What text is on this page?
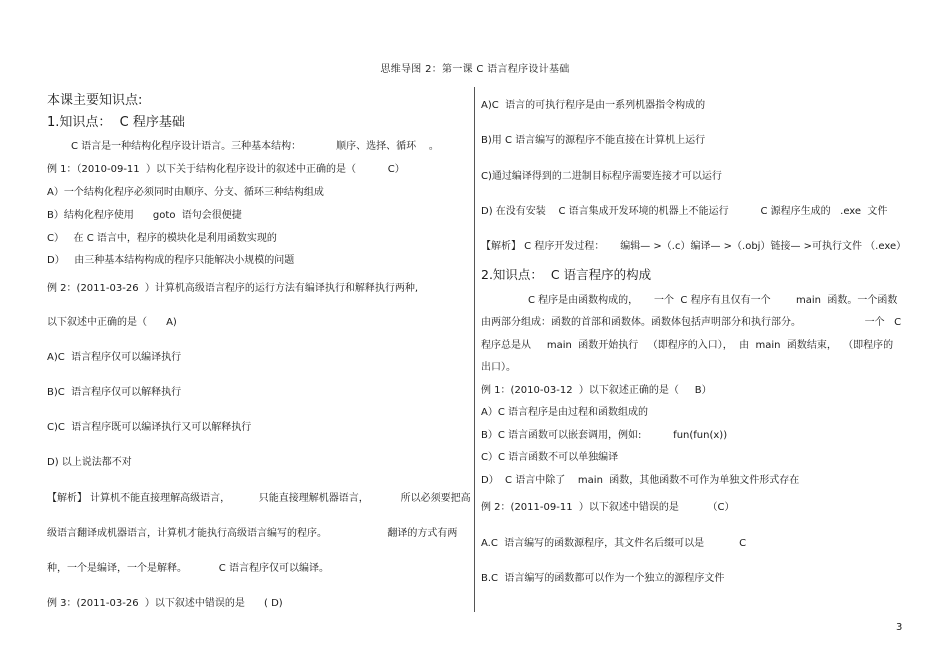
思维导图 2：第一课 C 语言程序设计基础
本课主要知识点:
1.知识点：  C 程序基础
C 语言是一种结构化程序设计语言。三种基本结构：           顺序、选择、循环    。
例 1：（2010-09-11  ）以下关于结构化程序设计的叙述中正确的是（          C）
A）一个结构化程序必须同时由顺序、分支、循环三种结构组成
B）结构化程序使用      goto  语句会很便捷
C）   在 C 语言中，程序的模块化是利用函数实现的
D）   由三种基本结构构成的程序只能解决小规模的问题
例 2：(2011-03-26  ）计算机高级语言程序的运行方法有编译执行和解释执行两种,
以下叙述中正确的是（      A)
A)C  语言程序仅可以编译执行
B)C  语言程序仅可以解释执行
C)C  语言程序既可以编译执行又可以解释执行
D) 以上说法都不对
【解析】 计算机不能直接理解高级语言，         只能直接理解机器语言，          所以必须要把高
级语言翻译成机器语言，计算机才能执行高级语言编写的程序。                   翻译的方式有两
种，一个是编译，一个是解释。          C 语言程序仅可以编译。
例 3：(2011-03-26  ）以下叙述中错误的是      ( D)
A)C  语言的可执行程序是由一系列机器指令构成的
B)用 C 语言编写的源程序不能直接在计算机上运行
C)通过编译得到的二进制目标程序需要连接才可以运行
D) 在没有安装    C 语言集成开发环境的机器上不能运行          C 源程序生成的   .exe  文件
【解析】 C 程序开发过程：     编辑— >（.c）编译— >（.obj）链接— >可执行文件 （.exe）
2.知识点：  C 语言程序的构成
C 程序是由函数构成的，     一个  C 程序有且仅有一个        main  函数。一个函数
由两部分组成：函数的首部和函数体。函数体包括声明部分和执行部分。                    一个   C
程序总是从     main  函数开始执行   （即程序的入口），  由  main  函数结束，  （即程序的
出口）。
例 1：(2010-03-12  ）以下叙述正确的是（     B）
A）C 语言程序是由过程和函数组成的
B）C 语言函数可以嵌套调用，例如:          fun(fun(x))
C）C 语言函数不可以单独编译
D）  C 语言中除了    main  函数，其他函数不可作为单独文件形式存在
例 2：(2011-09-11  ）以下叙述中错误的是         （C）
A.C  语言编写的函数源程序，其文件名后缀可以是           C
B.C  语言编写的函数都可以作为一个独立的源程序文件
3
